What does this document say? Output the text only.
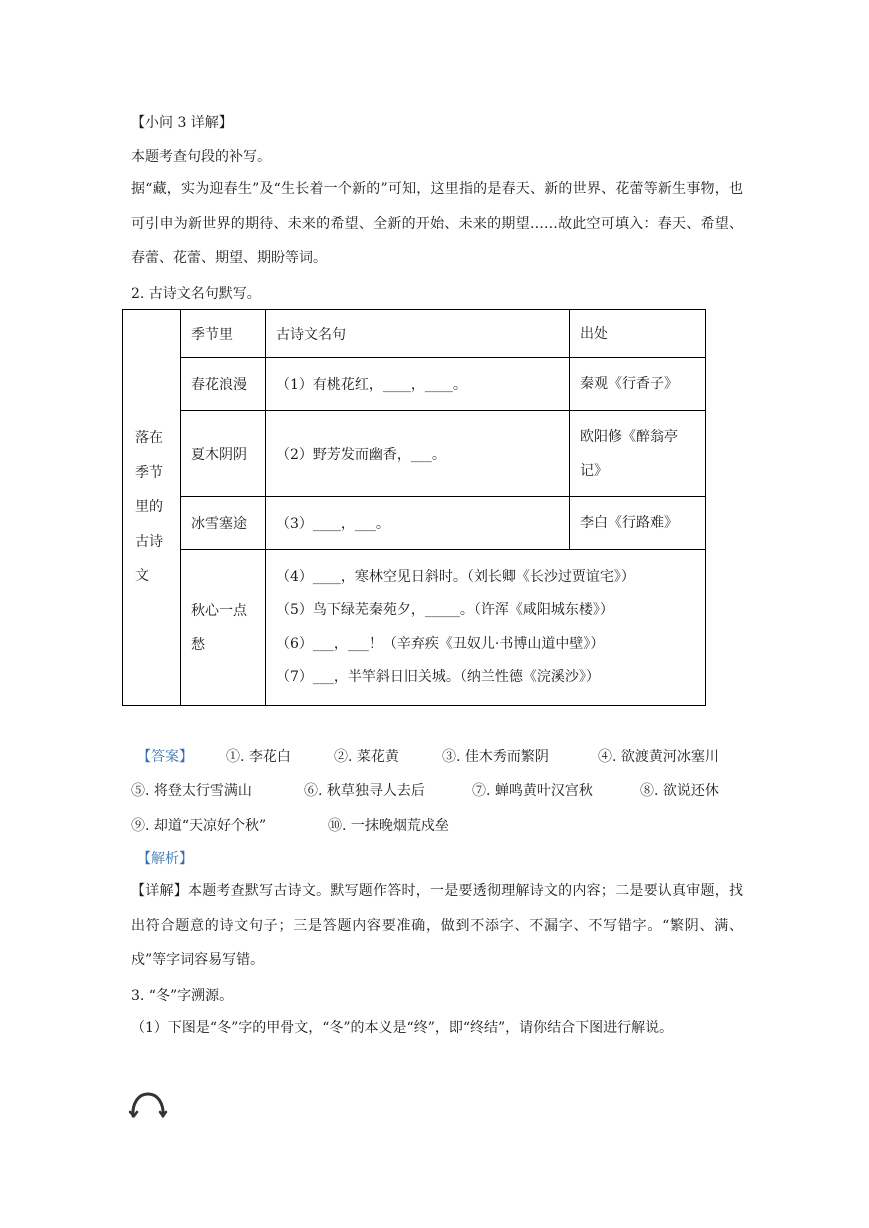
【小问 3 详解】
本题考查句段的补写。
据“藏，实为迎春生”及“生长着一个新的”可知，这里指的是春天、新的世界、花蕾等新生事物，也可引申为新世界的期待、未来的希望、全新的开始、未来的期望……故此空可填入：春天、希望、春蕾、花蕾、期望、期盼等词。
2. 古诗文名句默写。
落在季节里的古诗文	季节里	古诗文名句	出处
	春花浪漫	（1）有桃花红，____，____。	秦观《行香子》
	夏木阴阴	（2）野芳发而幽香，___。	欧阳修《醉翁亭记》
	冰雪塞途	（3）____，___。	李白《行路难》
	秋心一点愁	（4）____，寒林空见日斜时。（刘长卿《长沙过贾谊宅》）
（5）鸟下绿芜秦苑夕，_____。（许浑《咸阳城东楼》）
（6）___，___！（辛弃疾《丑奴儿·书博山道中壁》）
（7）___，半竿斜日旧关城。（纳兰性德《浣溪沙》）	
【答案】 ①. 李花白	②. 菜花黄	③. 佳木秀而繁阴	④. 欲渡黄河冰塞川
⑤. 将登太行雪满山	⑥. 秋草独寻人去后	⑦. 蝉鸣黄叶汉宫秋	⑧. 欲说还休
⑨. 却道“天凉好个秋”	⑩. 一抹晚烟荒戍垒
【解析】
【详解】本题考查默写古诗文。默写题作答时，一是要透彻理解诗文的内容；二是要认真审题，找出符合题意的诗文句子；三是答题内容要准确，做到不添字、不漏字、不写错字。“繁阴、满、戍”等字词容易写错。
3. “冬”字溯源。
（1）下图是“冬”字的甲骨文，“冬”的本义是“终”，即“终结”，请你结合下图进行解说。
